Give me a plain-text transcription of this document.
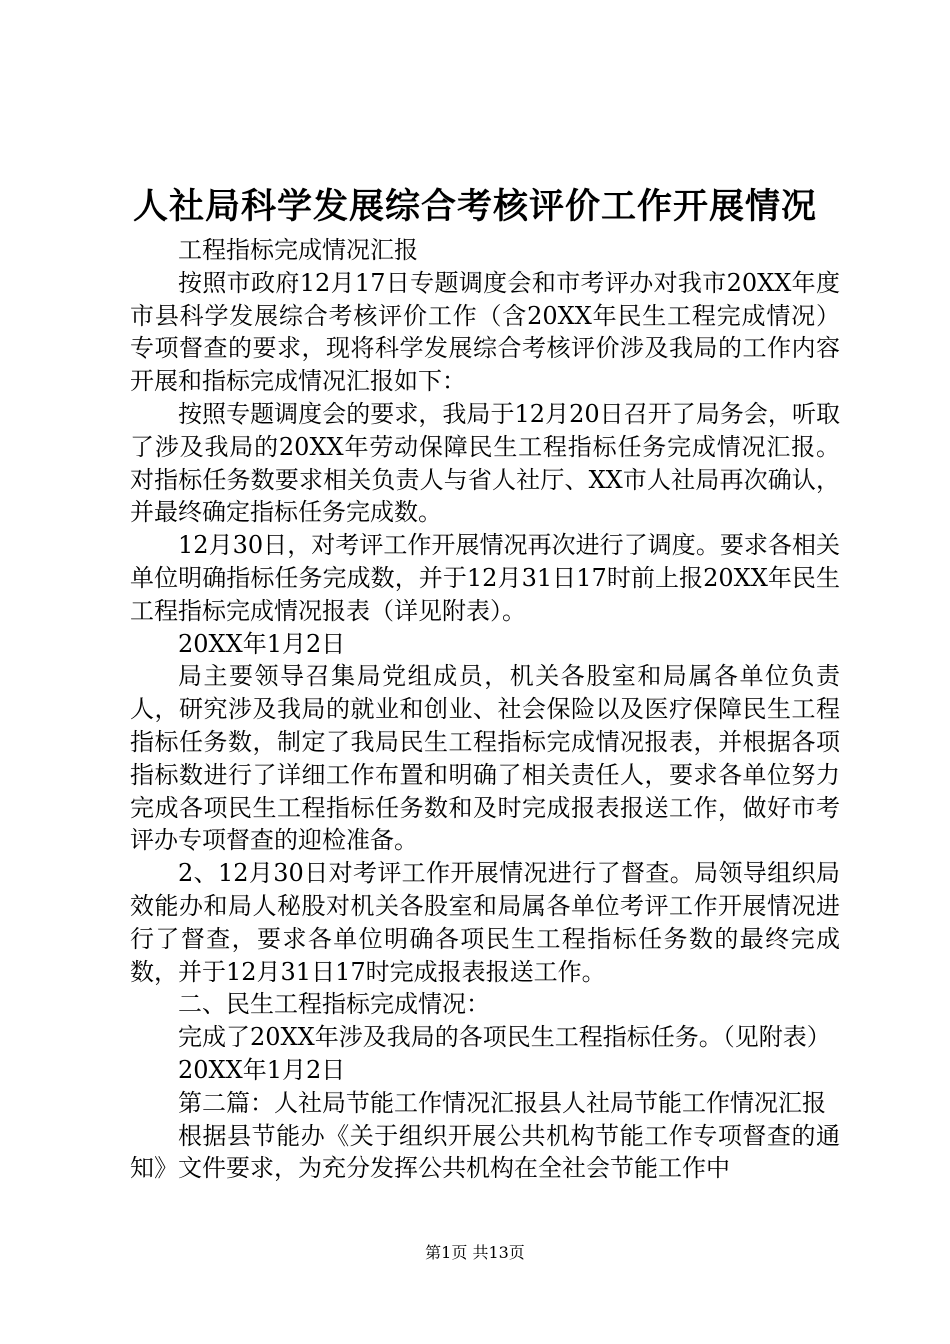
人社局科学发展综合考核评价工作开展情况

工程指标完成情况汇报

按照市政府12月17日专题调度会和市考评办对我市20XX年度市县科学发展综合考核评价工作（含20XX年民生工程完成情况）专项督查的要求，现将科学发展综合考核评价涉及我局的工作内容开展和指标完成情况汇报如下：

按照专题调度会的要求，我局于12月20日召开了局务会，听取了涉及我局的20XX年劳动保障民生工程指标任务完成情况汇报。对指标任务数要求相关负责人与省人社厅、XX市人社局再次确认，并最终确定指标任务完成数。

12月30日，对考评工作开展情况再次进行了调度。要求各相关单位明确指标任务完成数，并于12月31日17时前上报20XX年民生工程指标完成情况报表（详见附表）。

20XX年1月2日

局主要领导召集局党组成员，机关各股室和局属各单位负责人，研究涉及我局的就业和创业、社会保险以及医疗保障民生工程指标任务数，制定了我局民生工程指标完成情况报表，并根据各项指标数进行了详细工作布置和明确了相关责任人，要求各单位努力完成各项民生工程指标任务数和及时完成报表报送工作，做好市考评办专项督查的迎检准备。

2、12月30日对考评工作开展情况进行了督查。局领导组织局效能办和局人秘股对机关各股室和局属各单位考评工作开展情况进行了督查，要求各单位明确各项民生工程指标任务数的最终完成数，并于12月31日17时完成报表报送工作。

二、民生工程指标完成情况：

完成了20XX年涉及我局的各项民生工程指标任务。（见附表）

20XX年1月2日

第二篇：人社局节能工作情况汇报县人社局节能工作情况汇报

根据县节能办《关于组织开展公共机构节能工作专项督查的通知》文件要求，为充分发挥公共机构在全社会节能工作中

第1页 共13页
